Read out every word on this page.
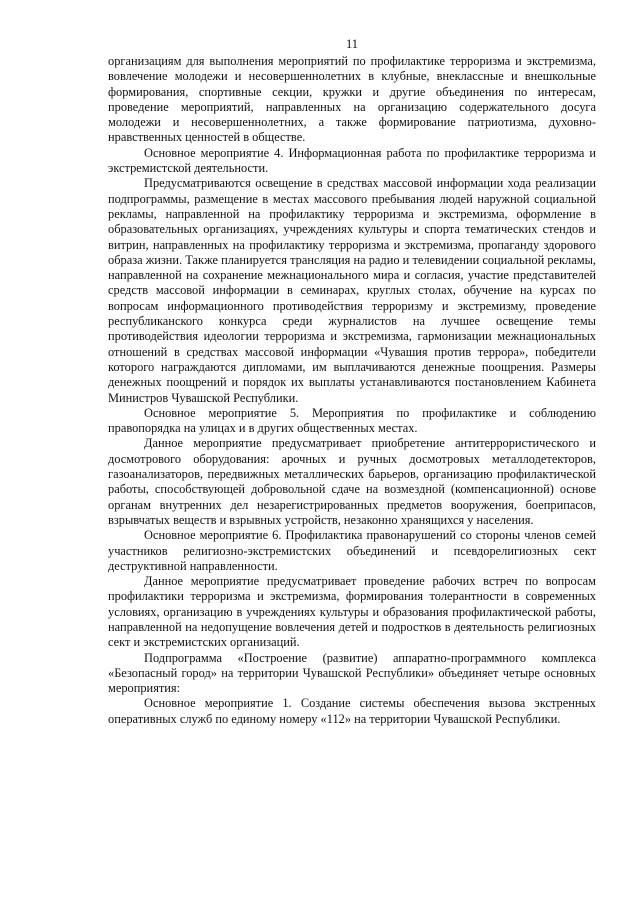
11

организациям для выполнения мероприятий по профилактике терроризма и экстремизма, вовлечение молодежи и несовершеннолетних в клубные, внеклассные и внешкольные формирования, спортивные секции, кружки и другие объединения по интересам, проведение мероприятий, направленных на организацию содержательного досуга молодежи и несовершеннолетних, а также формирование патриотизма, духовно-нравственных ценностей в обществе.

Основное мероприятие 4. Информационная работа по профилактике терроризма и экстремистской деятельности.

Предусматриваются освещение в средствах массовой информации хода реализации подпрограммы, размещение в местах массового пребывания людей наружной социальной рекламы, направленной на профилактику терроризма и экстремизма, оформление в образовательных организациях, учреждениях культуры и спорта тематических стендов и витрин, направленных на профилактику терроризма и экстремизма, пропаганду здорового образа жизни. Также планируется трансляция на радио и телевидении социальной рекламы, направленной на сохранение межнационального мира и согласия, участие представителей средств массовой информации в семинарах, круглых столах, обучение на курсах по вопросам информационного противодействия терроризму и экстремизму, проведение республиканского конкурса среди журналистов на лучшее освещение темы противодействия идеологии терроризма и экстремизма, гармонизации межнациональных отношений в средствах массовой информации «Чувашия против террора», победители которого награждаются дипломами, им выплачиваются денежные поощрения. Размеры денежных поощрений и порядок их выплаты устанавливаются постановлением Кабинета Министров Чувашской Республики.

Основное мероприятие 5. Мероприятия по профилактике и соблюдению правопорядка на улицах и в других общественных местах.

Данное мероприятие предусматривает приобретение антитеррористического и досмотрового оборудования: арочных и ручных досмотровых металлодетекторов, газоанализаторов, передвижных металлических барьеров, организацию профилактической работы, способствующей добровольной сдаче на возмездной (компенсационной) основе органам внутренних дел незарегистрированных предметов вооружения, боеприпасов, взрывчатых веществ и взрывных устройств, незаконно хранящихся у населения.

Основное мероприятие 6. Профилактика правонарушений со стороны членов семей участников религиозно-экстремистских объединений и псевдорелигиозных сект деструктивной направленности.

Данное мероприятие предусматривает проведение рабочих встреч по вопросам профилактики терроризма и экстремизма, формирования толерантности в современных условиях, организацию в учреждениях культуры и образования профилактической работы, направленной на недопущение вовлечения детей и подростков в деятельность религиозных сект и экстремистских организаций.

Подпрограмма «Построение (развитие) аппаратно-программного комплекса «Безопасный город» на территории Чувашской Республики» объединяет четыре основных мероприятия:

Основное мероприятие 1. Создание системы обеспечения вызова экстренных оперативных служб по единому номеру «112» на территории Чувашской Республики.
